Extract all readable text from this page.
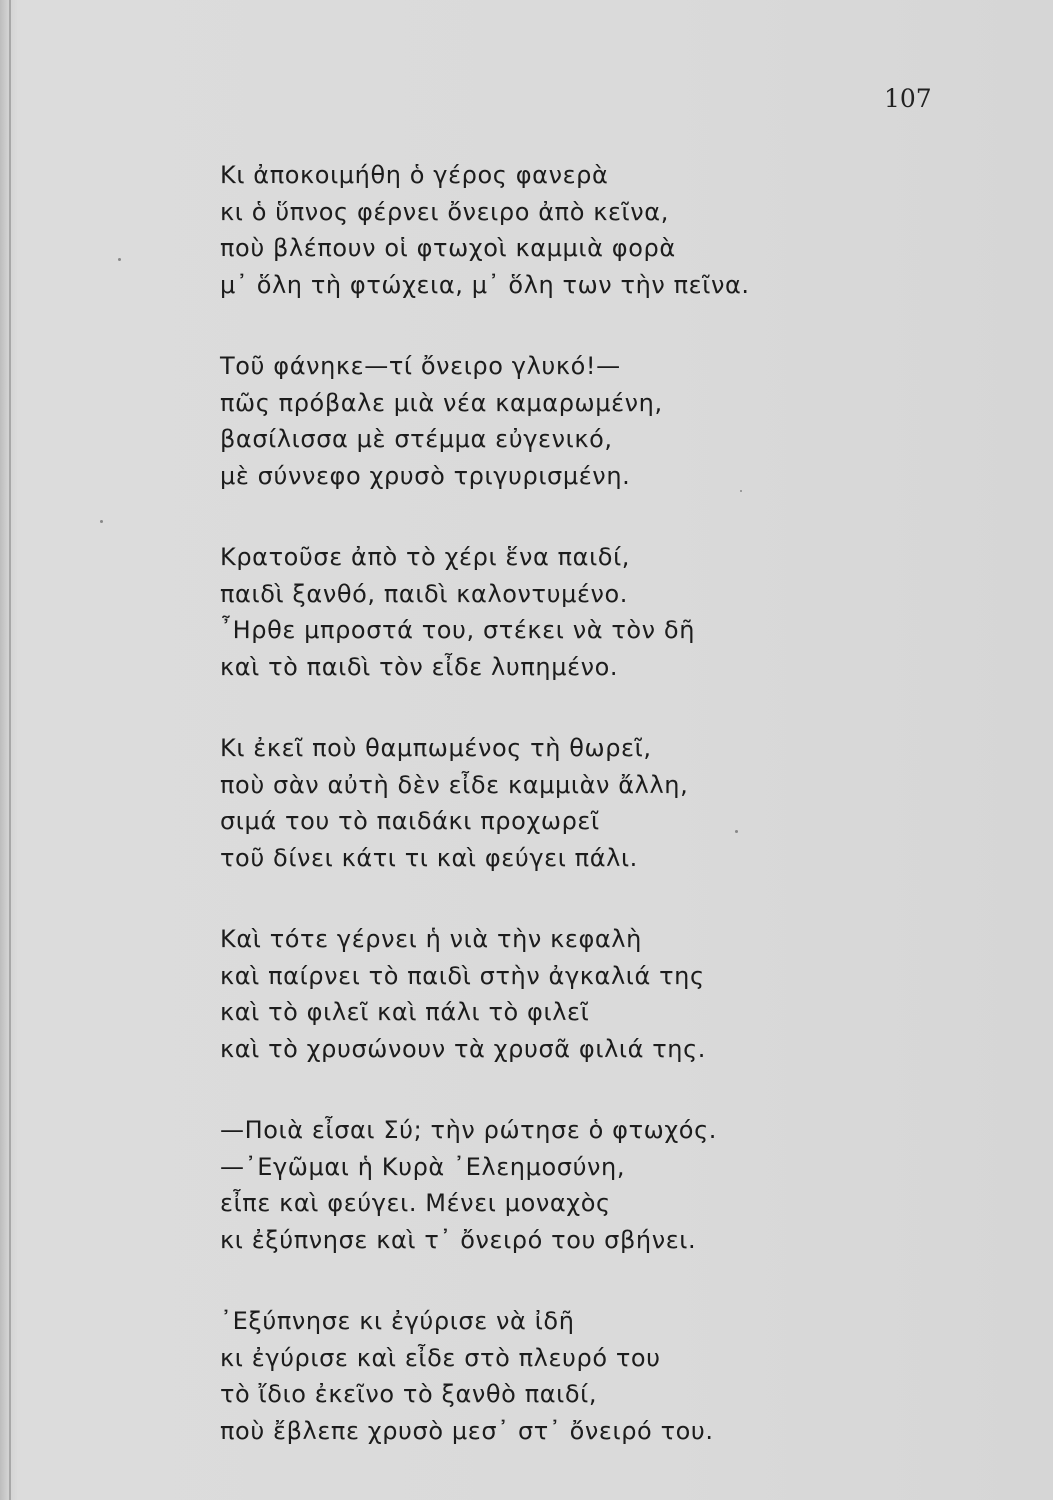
107
Κι ἀποκοιμήθη ὁ γέρος φανερὰ
κι ὁ ὕπνος φέρνει ὄνειρο ἀπὸ κεῖνα,
ποὺ βλέπουν οἱ φτωχοὶ καμμιὰ φορὰ
μ᾿ ὅλη τὴ φτώχεια, μ᾿ ὅλη των τὴν πεῖνα.
Τοῦ φάνηκε—τί ὄνειρο γλυκό!—
πῶς πρόβαλε μιὰ νέα καμαρωμένη,
βασίλισσα μὲ στέμμα εὐγενικό,
μὲ σύννεφο χρυσὸ τριγυρισμένη.
Κρατοῦσε ἀπὸ τὸ χέρι ἕνα παιδί,
παιδὶ ξανθό, παιδὶ καλοντυμένο.
῏Ηρθε μπροστά του, στέκει νὰ τὸν δῆ
καὶ τὸ παιδὶ τὸν εἶδε λυπημένο.
Κι ἐκεῖ ποὺ θαμπωμένος τὴ θωρεῖ,
ποὺ σὰν αὐτὴ δὲν εἶδε καμμιὰν ἄλλη,
σιμά του τὸ παιδάκι προχωρεῖ
τοῦ δίνει κάτι τι καὶ φεύγει πάλι.
Καὶ τότε γέρνει ἡ νιὰ τὴν κεφαλὴ
καὶ παίρνει τὸ παιδὶ στὴν ἀγκαλιά της
καὶ τὸ φιλεῖ καὶ πάλι τὸ φιλεῖ
καὶ τὸ χρυσώνουν τὰ χρυσᾶ φιλιά της.
—Ποιὰ εἶσαι Σύ; τὴν ρώτησε ὁ φτωχός.
—᾿Εγῶμαι ἡ Κυρὰ ᾿Ελεημοσύνη,
εἶπε καὶ φεύγει. Μένει μοναχὸς
κι ἐξύπνησε καὶ τ᾿ ὄνειρό του σβήνει.
᾿Εξύπνησε κι ἐγύρισε νὰ ἰδῆ
κι ἐγύρισε καὶ εἶδε στὸ πλευρό του
τὸ ἴδιο ἐκεῖνο τὸ ξανθὸ παιδί,
ποὺ ἔβλεπε χρυσὸ μεσ᾿ στ᾿ ὄνειρό του.
